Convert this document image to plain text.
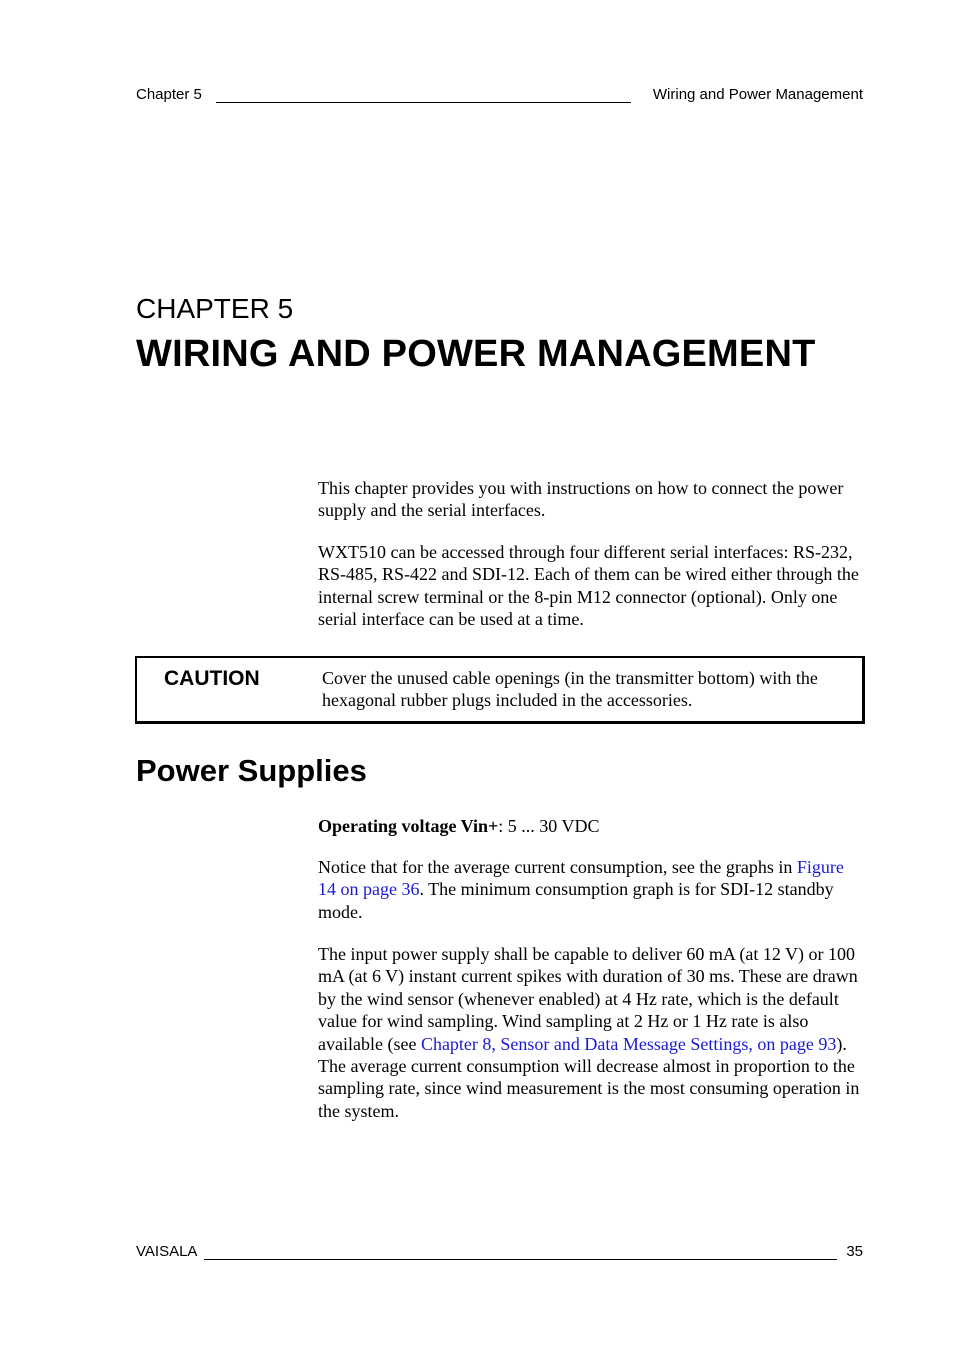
Chapter 5	Wiring and Power Management
CHAPTER 5
WIRING AND POWER MANAGEMENT

This chapter provides you with instructions on how to connect the power supply and the serial interfaces.

WXT510 can be accessed through four different serial interfaces: RS-232, RS-485, RS-422 and SDI-12. Each of them can be wired either through the internal screw terminal or the 8-pin M12 connector (optional). Only one serial interface can be used at a time.

CAUTION	Cover the unused cable openings (in the transmitter bottom) with the hexagonal rubber plugs included in the accessories.
Power Supplies

Operating voltage Vin+: 5 ... 30 VDC

Notice that for the average current consumption, see the graphs in Figure 14 on page 36. The minimum consumption graph is for SDI-12 standby mode.

The input power supply shall be capable to deliver 60 mA (at 12 V) or 100 mA (at 6 V) instant current spikes with duration of 30 ms. These are drawn by the wind sensor (whenever enabled) at 4 Hz rate, which is the default value for wind sampling. Wind sampling at 2 Hz or 1 Hz rate is also available (see Chapter 8, Sensor and Data Message Settings, on page 93). The average current consumption will decrease almost in proportion to the sampling rate, since wind measurement is the most consuming operation in the system.

VAISALA	35
